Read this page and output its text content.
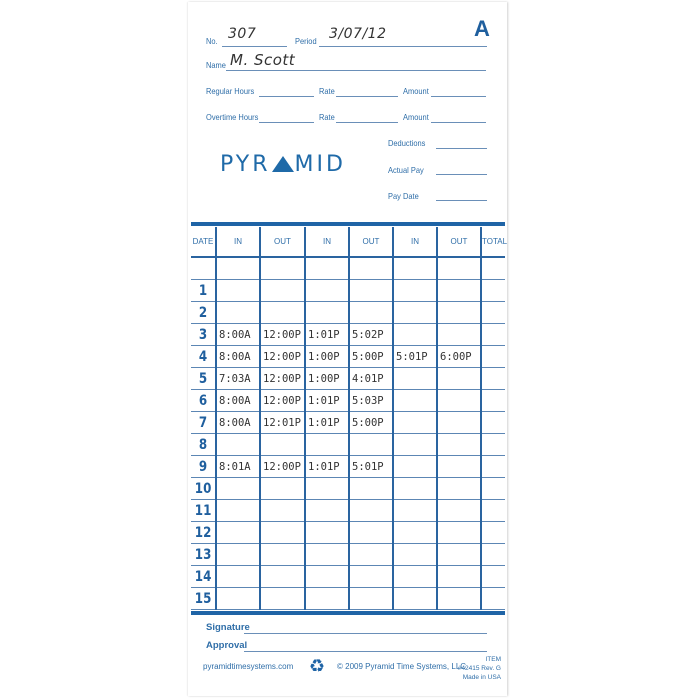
A
No. 307	Period 3/07/12
Name M. Scott
Regular Hours	Rate	Amount
Overtime Hours	Rate	Amount
Deductions
Actual Pay
Pay Date
PYR MID
DATE	IN	OUT	IN	OUT	IN	OUT	TOTAL

1							
2							
3	8:00A	12:00P	1:01P	5:02P			
4	8:00A	12:00P	1:00P	5:00P	5:01P	6:00P	
5	7:03A	12:00P	1:00P	4:01P			
6	8:00A	12:00P	1:01P	5:03P			
7	8:00A	12:01P	1:01P	5:00P			
8							
9	8:01A	12:00P	1:01P	5:01P			
10							
11							
12							
13							
14							
15							
Signature
Approval
pyramidtimesystems.com ♻ © 2009 Pyramid Time Systems, LLC
ITEM
#42415 Rev. G
Made in USA
